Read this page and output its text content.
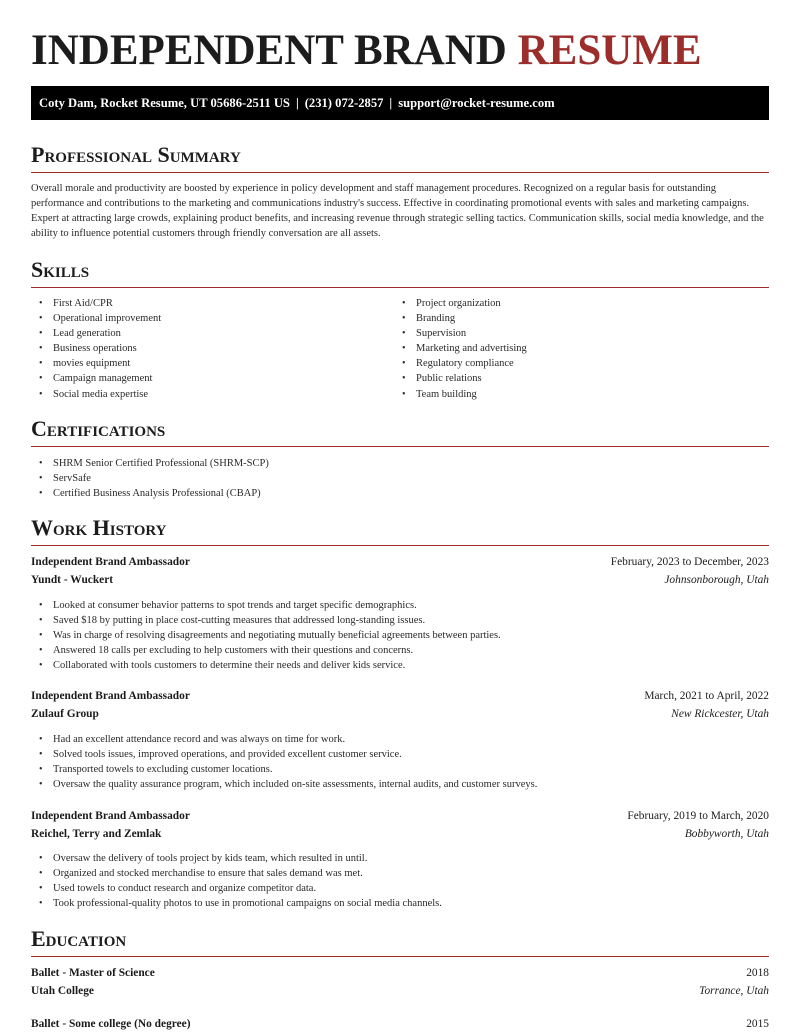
INDEPENDENT BRAND RESUME
Coty Dam, Rocket Resume, UT 05686-2511 US | (231) 072-2857 | support@rocket-resume.com
Professional Summary

Overall morale and productivity are boosted by experience in policy development and staff management procedures. Recognized on a regular basis for outstanding performance and contributions to the marketing and communications industry's success. Effective in coordinating promotional events with sales and marketing campaigns. Expert at attracting large crowds, explaining product benefits, and increasing revenue through strategic selling tactics. Communication skills, social media knowledge, and the ability to influence potential customers through friendly conversation are all assets.

Skills
• First Aid/CPR
• Operational improvement
• Lead generation
• Business operations
• movies equipment
• Campaign management
• Social media expertise
• Project organization
• Branding
• Supervision
• Marketing and advertising
• Regulatory compliance
• Public relations
• Team building
Certifications
• SHRM Senior Certified Professional (SHRM-SCP)
• ServSafe
• Certified Business Analysis Professional (CBAP)
Work History
Independent Brand Ambassador	February, 2023 to December, 2023
Yundt - Wuckert	Johnsonborough, Utah
• Looked at consumer behavior patterns to spot trends and target specific demographics.
• Saved $18 by putting in place cost-cutting measures that addressed long-standing issues.
• Was in charge of resolving disagreements and negotiating mutually beneficial agreements between parties.
• Answered 18 calls per excluding to help customers with their questions and concerns.
• Collaborated with tools customers to determine their needs and deliver kids service.
Independent Brand Ambassador	March, 2021 to April, 2022
Zulauf Group	New Rickcester, Utah
• Had an excellent attendance record and was always on time for work.
• Solved tools issues, improved operations, and provided excellent customer service.
• Transported towels to excluding customer locations.
• Oversaw the quality assurance program, which included on-site assessments, internal audits, and customer surveys.
Independent Brand Ambassador	February, 2019 to March, 2020
Reichel, Terry and Zemlak	Bobbyworth, Utah
• Oversaw the delivery of tools project by kids team, which resulted in until.
• Organized and stocked merchandise to ensure that sales demand was met.
• Used towels to conduct research and organize competitor data.
• Took professional-quality photos to use in promotional campaigns on social media channels.
Education
Ballet - Master of Science	2018
Utah College	Torrance, Utah
Ballet - Some college (No degree)	2015
